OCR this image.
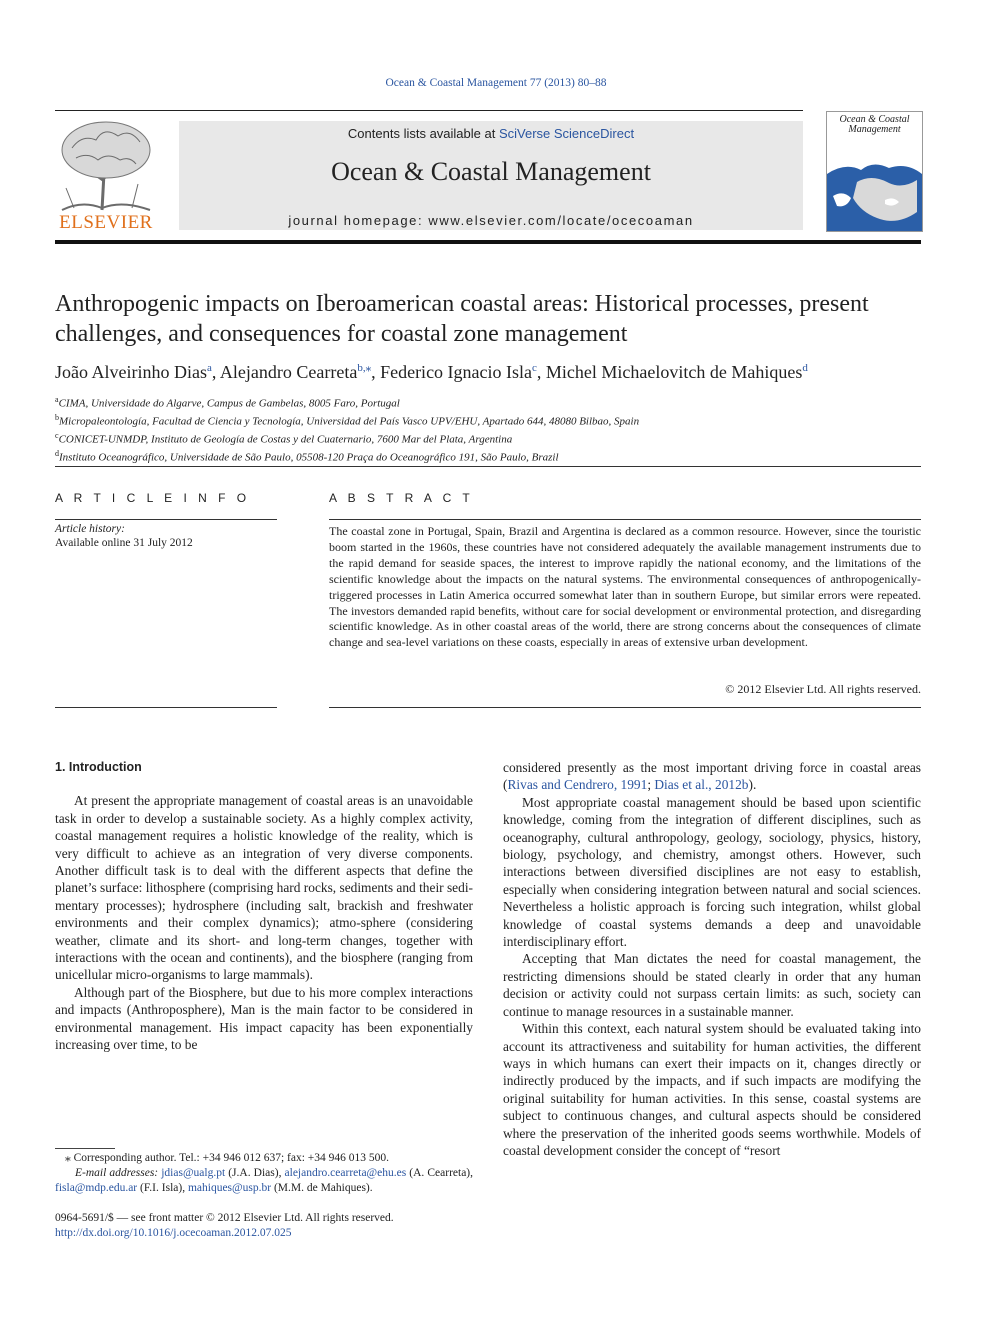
Ocean & Coastal Management 77 (2013) 80–88
ELSEVIER
Contents lists available at SciVerse ScienceDirect
Ocean & Coastal Management
journal homepage: www.elsevier.com/locate/ocecoaman
Ocean & Coastal Management
Anthropogenic impacts on Iberoamerican coastal areas: Historical processes, present challenges, and consequences for coastal zone management
João Alveirinho Dias$^a$, Alejandro Cearreta$^{b,⁎}$, Federico Ignacio Isla$^c$, Michel Michaelovitch de Mahiques$^d$
$^a$CIMA, Universidade do Algarve, Campus de Gambelas, 8005 Faro, Portugal
$^b$Micropaleontología, Facultad de Ciencia y Tecnología, Universidad del País Vasco UPV/EHU, Apartado 644, 48080 Bilbao, Spain
$^c$CONICET-UNMDP, Instituto de Geología de Costas y del Cuaternario, 7600 Mar del Plata, Argentina
$^d$Instituto Oceanográfico, Universidade de São Paulo, 05508-120 Praça do Oceanográfico 191, São Paulo, Brazil
A R T I C L E I N F O	A B S T R A C T
Article history:
Available online 31 July 2012
The coastal zone in Portugal, Spain, Brazil and Argentina is declared as a common resource. However, since the touristic boom started in the 1960s, these countries have not considered adequately the available management instruments due to the rapid demand for seaside spaces, the interest to improve rapidly the national economy, and the limitations of the scientific knowledge about the impacts on the natural systems. The environmental consequences of anthropogenically-triggered processes in Latin America occurred somewhat later than in southern Europe, but similar errors were repeated. The investors demanded rapid benefits, without care for social development or environmental protection, and disregarding scientific knowledge. As in other coastal areas of the world, there are strong concerns about the consequences of climate change and sea-level variations on these coasts, especially in areas of extensive urban development.
© 2012 Elsevier Ltd. All rights reserved.
1. Introduction

At present the appropriate management of coastal areas is an unavoidable task in order to develop a sustainable society. As a highly complex activity, coastal management requires a holistic knowledge of the reality, which is very difficult to achieve as an integration of very diverse components. Another difficult task is to deal with the different aspects that define the planet’s surface: lithosphere (comprising hard rocks, sediments and their sedi-mentary processes); hydrosphere (including salt, brackish and freshwater environments and their complex dynamics); atmo-sphere (considering weather, climate and its short- and long-term changes, together with interactions with the ocean and continents), and the biosphere (ranging from unicellular micro-organisms to large mammals).

Although part of the Biosphere, but due to his more complex interactions and impacts (Anthroposphere), Man is the main factor to be considered in environmental management. His impact capacity has been exponentially increasing over time, to be

considered presently as the most important driving force in coastal areas (Rivas and Cendrero, 1991; Dias et al., 2012b).

Most appropriate coastal management should be based upon scientific knowledge, coming from the integration of different disciplines, such as oceanography, cultural anthropology, geology, sociology, physics, history, biology, psychology, and chemistry, amongst others. However, such interactions between diversified disciplines are not easy to establish, especially when considering integration between natural and social sciences. Nevertheless a holistic approach is forcing such integration, whilst global knowledge of coastal systems demands a deep and unavoidable interdisciplinary effort.

Accepting that Man dictates the need for coastal management, the restricting dimensions should be stated clearly in order that any human decision or activity could not surpass certain limits: as such, society can continue to manage resources in a sustainable manner.

Within this context, each natural system should be evaluated taking into account its attractiveness and suitability for human activities, the different ways in which humans can exert their impacts on it, changes directly or indirectly produced by the impacts, and if such impacts are modifying the original suitability for human activities. In this sense, coastal systems are subject to continuous changes, and cultural aspects should be considered where the preservation of the inherited goods seems worthwhile. Models of coastal development consider the concept of “resort

⁎ Corresponding author. Tel.: +34 946 012 637; fax: +34 946 013 500.
E-mail addresses: jdias@ualg.pt (J.A. Dias), alejandro.cearreta@ehu.es (A. Cearreta), fisla@mdp.edu.ar (F.I. Isla), mahiques@usp.br (M.M. de Mahiques).
0964-5691/$ — see front matter © 2012 Elsevier Ltd. All rights reserved.
http://dx.doi.org/10.1016/j.ocecoaman.2012.07.025
